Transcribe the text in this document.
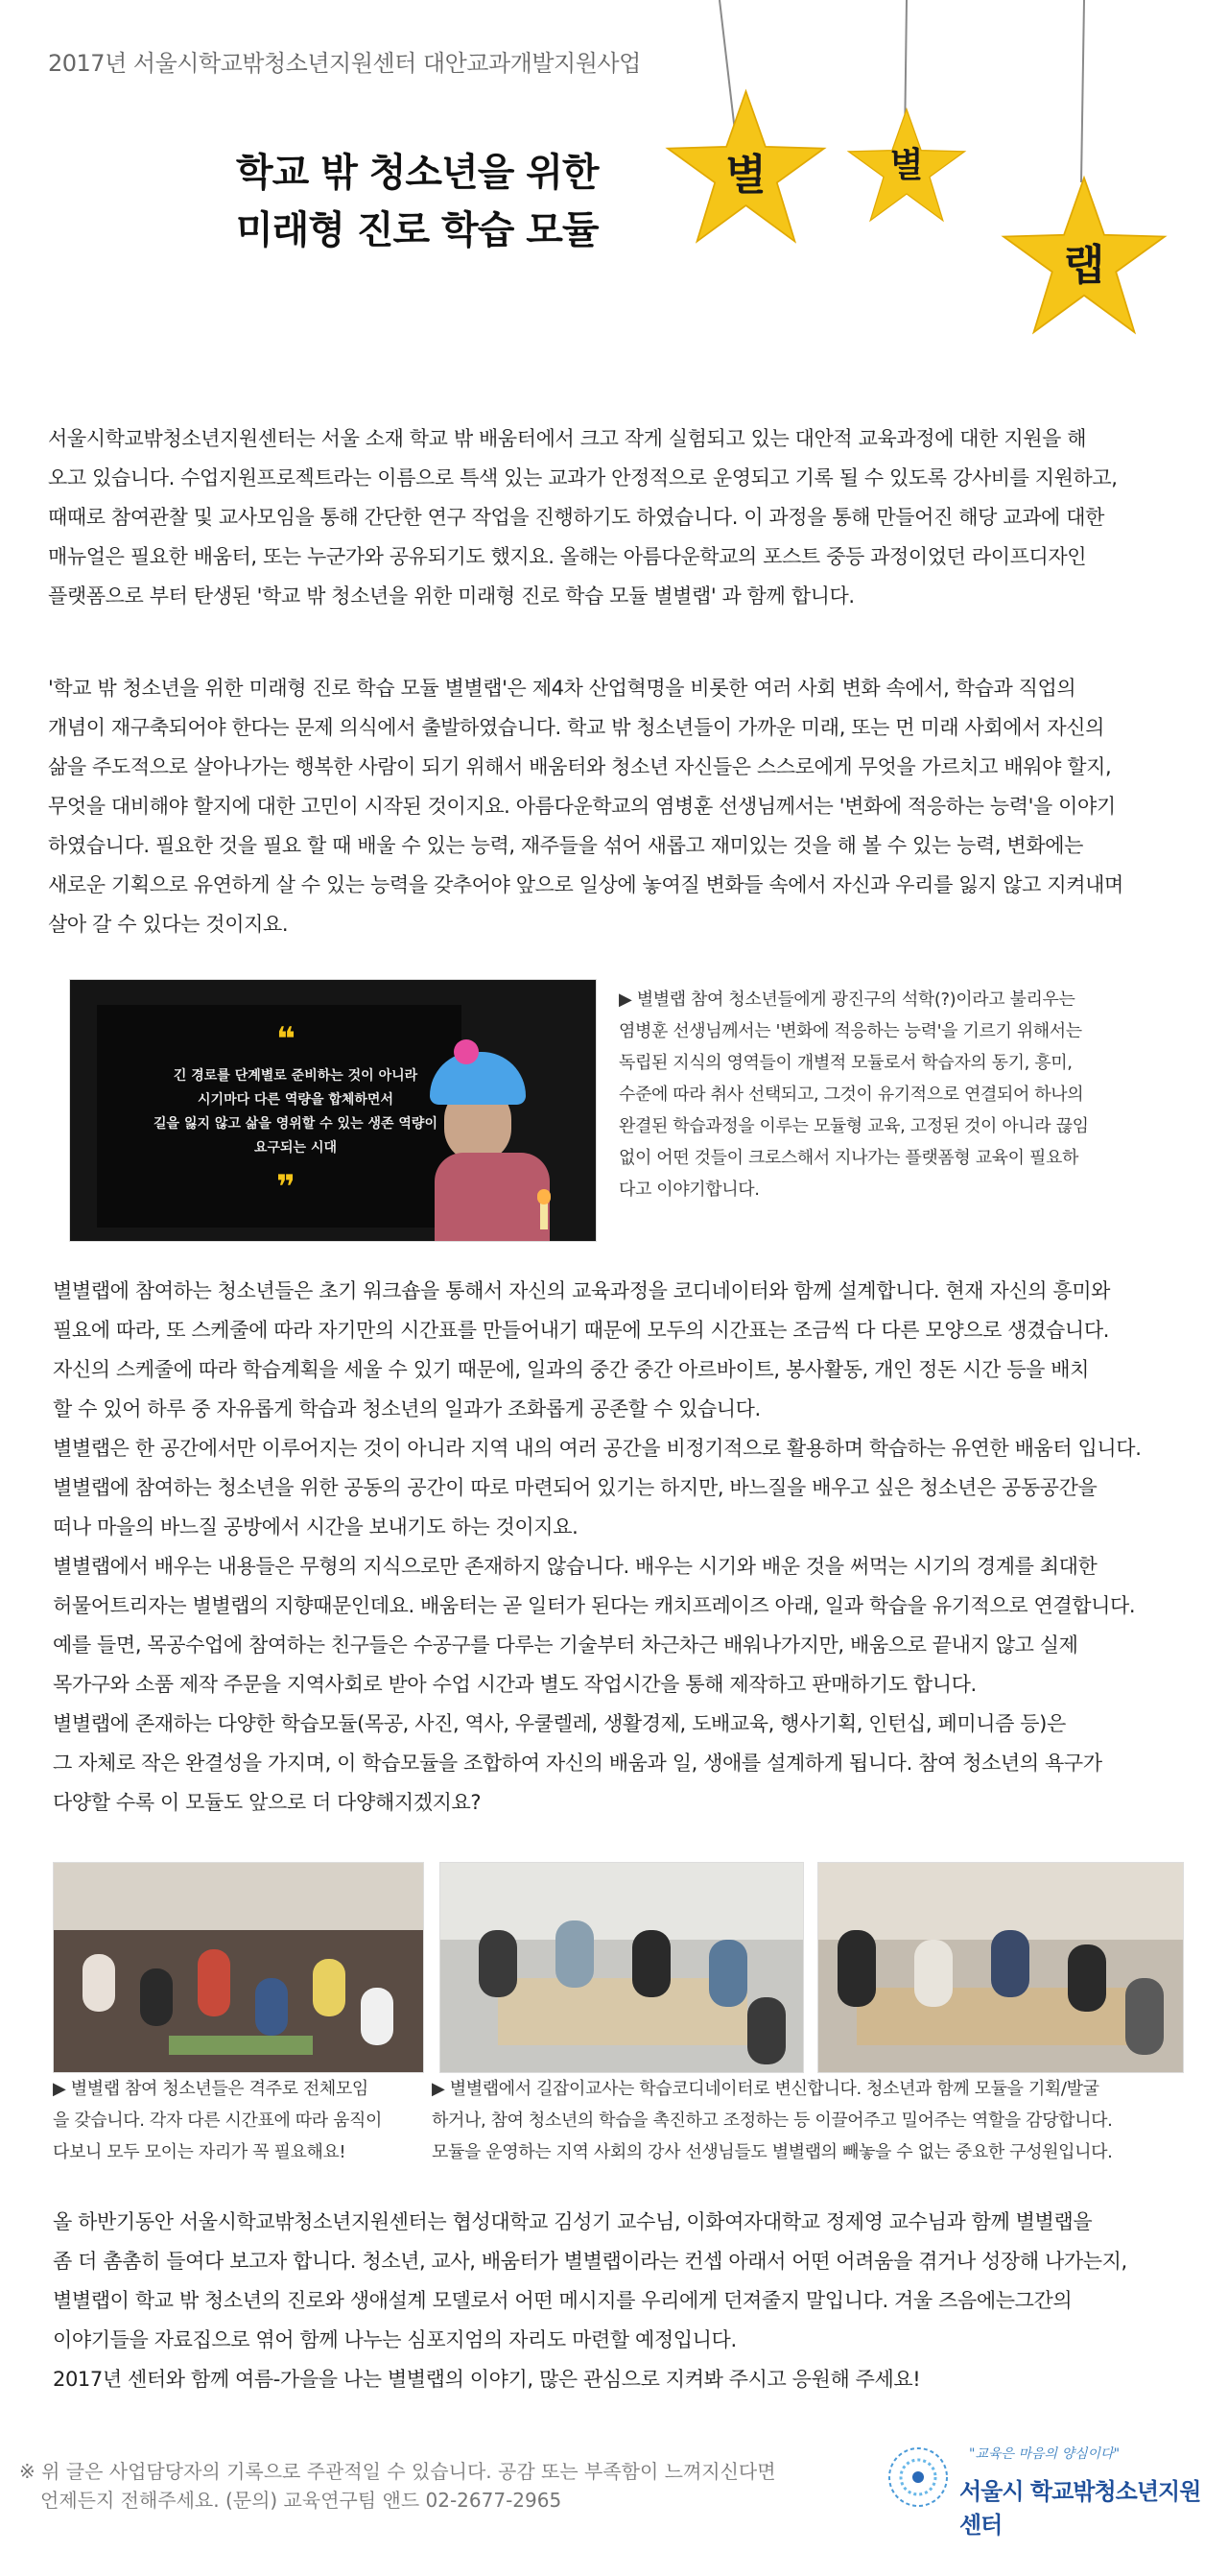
2017년 서울시학교밖청소년지원센터 대안교과개발지원사업
학교 밖 청소년을 위한
미래형 진로 학습 모듈
별	별
랩
서울시학교밖청소년지원센터는 서울 소재 학교 밖 배움터에서 크고 작게 실험되고 있는 대안적 교육과정에 대한 지원을 해
오고 있습니다. 수업지원프로젝트라는 이름으로 특색 있는 교과가 안정적으로 운영되고 기록 될 수 있도록 강사비를 지원하고,
때때로 참여관찰 및 교사모임을 통해 간단한 연구 작업을 진행하기도 하였습니다. 이 과정을 통해 만들어진 해당 교과에 대한
매뉴얼은 필요한 배움터, 또는 누군가와 공유되기도 했지요. 올해는 아름다운학교의 포스트 중등 과정이었던 라이프디자인
플랫폼으로 부터 탄생된 '학교 밖 청소년을 위한 미래형 진로 학습 모듈 별별랩' 과 함께 합니다.
'학교 밖 청소년을 위한 미래형 진로 학습 모듈 별별랩'은 제4차 산업혁명을 비롯한 여러 사회 변화 속에서, 학습과 직업의
개념이 재구축되어야 한다는 문제 의식에서 출발하였습니다. 학교 밖 청소년들이 가까운 미래, 또는 먼 미래 사회에서 자신의
삶을 주도적으로 살아나가는 행복한 사람이 되기 위해서 배움터와 청소년 자신들은 스스로에게 무엇을 가르치고 배워야 할지,
무엇을 대비해야 할지에 대한 고민이 시작된 것이지요. 아름다운학교의 염병훈 선생님께서는 '변화에 적응하는 능력'을 이야기
하였습니다. 필요한 것을 필요 할 때 배울 수 있는 능력, 재주들을 섞어 새롭고 재미있는 것을 해 볼 수 있는 능력, 변화에는
새로운 기획으로 유연하게 살 수 있는 능력을 갖추어야 앞으로 일상에 놓여질 변화들 속에서 자신과 우리를 잃지 않고 지켜내며
살아 갈 수 있다는 것이지요.
❝
긴 경로를 단계별로 준비하는 것이 아니라
시기마다 다른 역량을 합체하면서
길을 잃지 않고 삶을 영위할 수 있는 생존 역량이
요구되는 시대
❞
▶ 별별랩 참여 청소년들에게 광진구의 석학(?)이라고 불리우는
염병훈 선생님께서는 '변화에 적응하는 능력'을 기르기 위해서는
독립된 지식의 영역들이 개별적 모듈로서 학습자의 동기, 흥미,
수준에 따라 취사 선택되고, 그것이 유기적으로 연결되어 하나의
완결된 학습과정을 이루는 모듈형 교육, 고정된 것이 아니라 끊임
없이 어떤 것들이 크로스해서 지나가는 플랫폼형 교육이 필요하
다고 이야기합니다.
별별랩에 참여하는 청소년들은 초기 워크숍을 통해서 자신의 교육과정을 코디네이터와 함께 설계합니다. 현재 자신의 흥미와
필요에 따라, 또 스케줄에 따라 자기만의 시간표를 만들어내기 때문에 모두의 시간표는 조금씩 다 다른 모양으로 생겼습니다.
자신의 스케줄에 따라 학습계획을 세울 수 있기 때문에, 일과의 중간 중간 아르바이트, 봉사활동, 개인 정돈 시간 등을 배치
할 수 있어 하루 중 자유롭게 학습과 청소년의 일과가 조화롭게 공존할 수 있습니다.
별별랩은 한 공간에서만 이루어지는 것이 아니라 지역 내의 여러 공간을 비정기적으로 활용하며 학습하는 유연한 배움터 입니다.
별별랩에 참여하는 청소년을 위한 공동의 공간이 따로 마련되어 있기는 하지만, 바느질을 배우고 싶은 청소년은 공동공간을
떠나 마을의 바느질 공방에서 시간을 보내기도 하는 것이지요.
별별랩에서 배우는 내용들은 무형의 지식으로만 존재하지 않습니다. 배우는 시기와 배운 것을 써먹는 시기의 경계를 최대한
허물어트리자는 별별랩의 지향때문인데요. 배움터는 곧 일터가 된다는 캐치프레이즈 아래, 일과 학습을 유기적으로 연결합니다.
예를 들면, 목공수업에 참여하는 친구들은 수공구를 다루는 기술부터 차근차근 배워나가지만, 배움으로 끝내지 않고 실제
목가구와 소품 제작 주문을 지역사회로 받아 수업 시간과 별도 작업시간을 통해 제작하고 판매하기도 합니다.
별별랩에 존재하는 다양한 학습모듈(목공, 사진, 역사, 우쿨렐레, 생활경제, 도배교육, 행사기획, 인턴십, 페미니즘 등)은
그 자체로 작은 완결성을 가지며, 이 학습모듈을 조합하여 자신의 배움과 일, 생애를 설계하게 됩니다. 참여 청소년의 욕구가
다양할 수록 이 모듈도 앞으로 더 다양해지겠지요?
▶ 별별랩 참여 청소년들은 격주로 전체모임
을 갖습니다. 각자 다른 시간표에 따라 움직이
다보니 모두 모이는 자리가 꼭 필요해요!
▶ 별별랩에서 길잡이교사는 학습코디네이터로 변신합니다. 청소년과 함께 모듈을 기획/발굴
하거나, 참여 청소년의 학습을 촉진하고 조정하는 등 이끌어주고 밀어주는 역할을 감당합니다.
모듈을 운영하는 지역 사회의 강사 선생님들도 별별랩의 빼놓을 수 없는 중요한 구성원입니다.
올 하반기동안 서울시학교밖청소년지원센터는 협성대학교 김성기 교수님, 이화여자대학교 정제영 교수님과 함께 별별랩을
좀 더 촘촘히 들여다 보고자 합니다. 청소년, 교사, 배움터가 별별랩이라는 컨셉 아래서 어떤 어려움을 겪거나 성장해 나가는지,
별별랩이 학교 밖 청소년의 진로와 생애설계 모델로서 어떤 메시지를 우리에게 던져줄지 말입니다. 겨울 즈음에는그간의
이야기들을 자료집으로 엮어 함께 나누는 심포지엄의 자리도 마련할 예정입니다.
2017년 센터와 함께 여름-가을을 나는 별별랩의 이야기, 많은 관심으로 지켜봐 주시고 응원해 주세요!
※ 위 글은 사업담당자의 기록으로 주관적일 수 있습니다. 공감 또는 부족함이 느껴지신다면
언제든지 전해주세요. (문의) 교육연구팀 앤드 02-2677-2965
"교육은 마음의 양심이다"
서울시 학교밖청소년지원센터
